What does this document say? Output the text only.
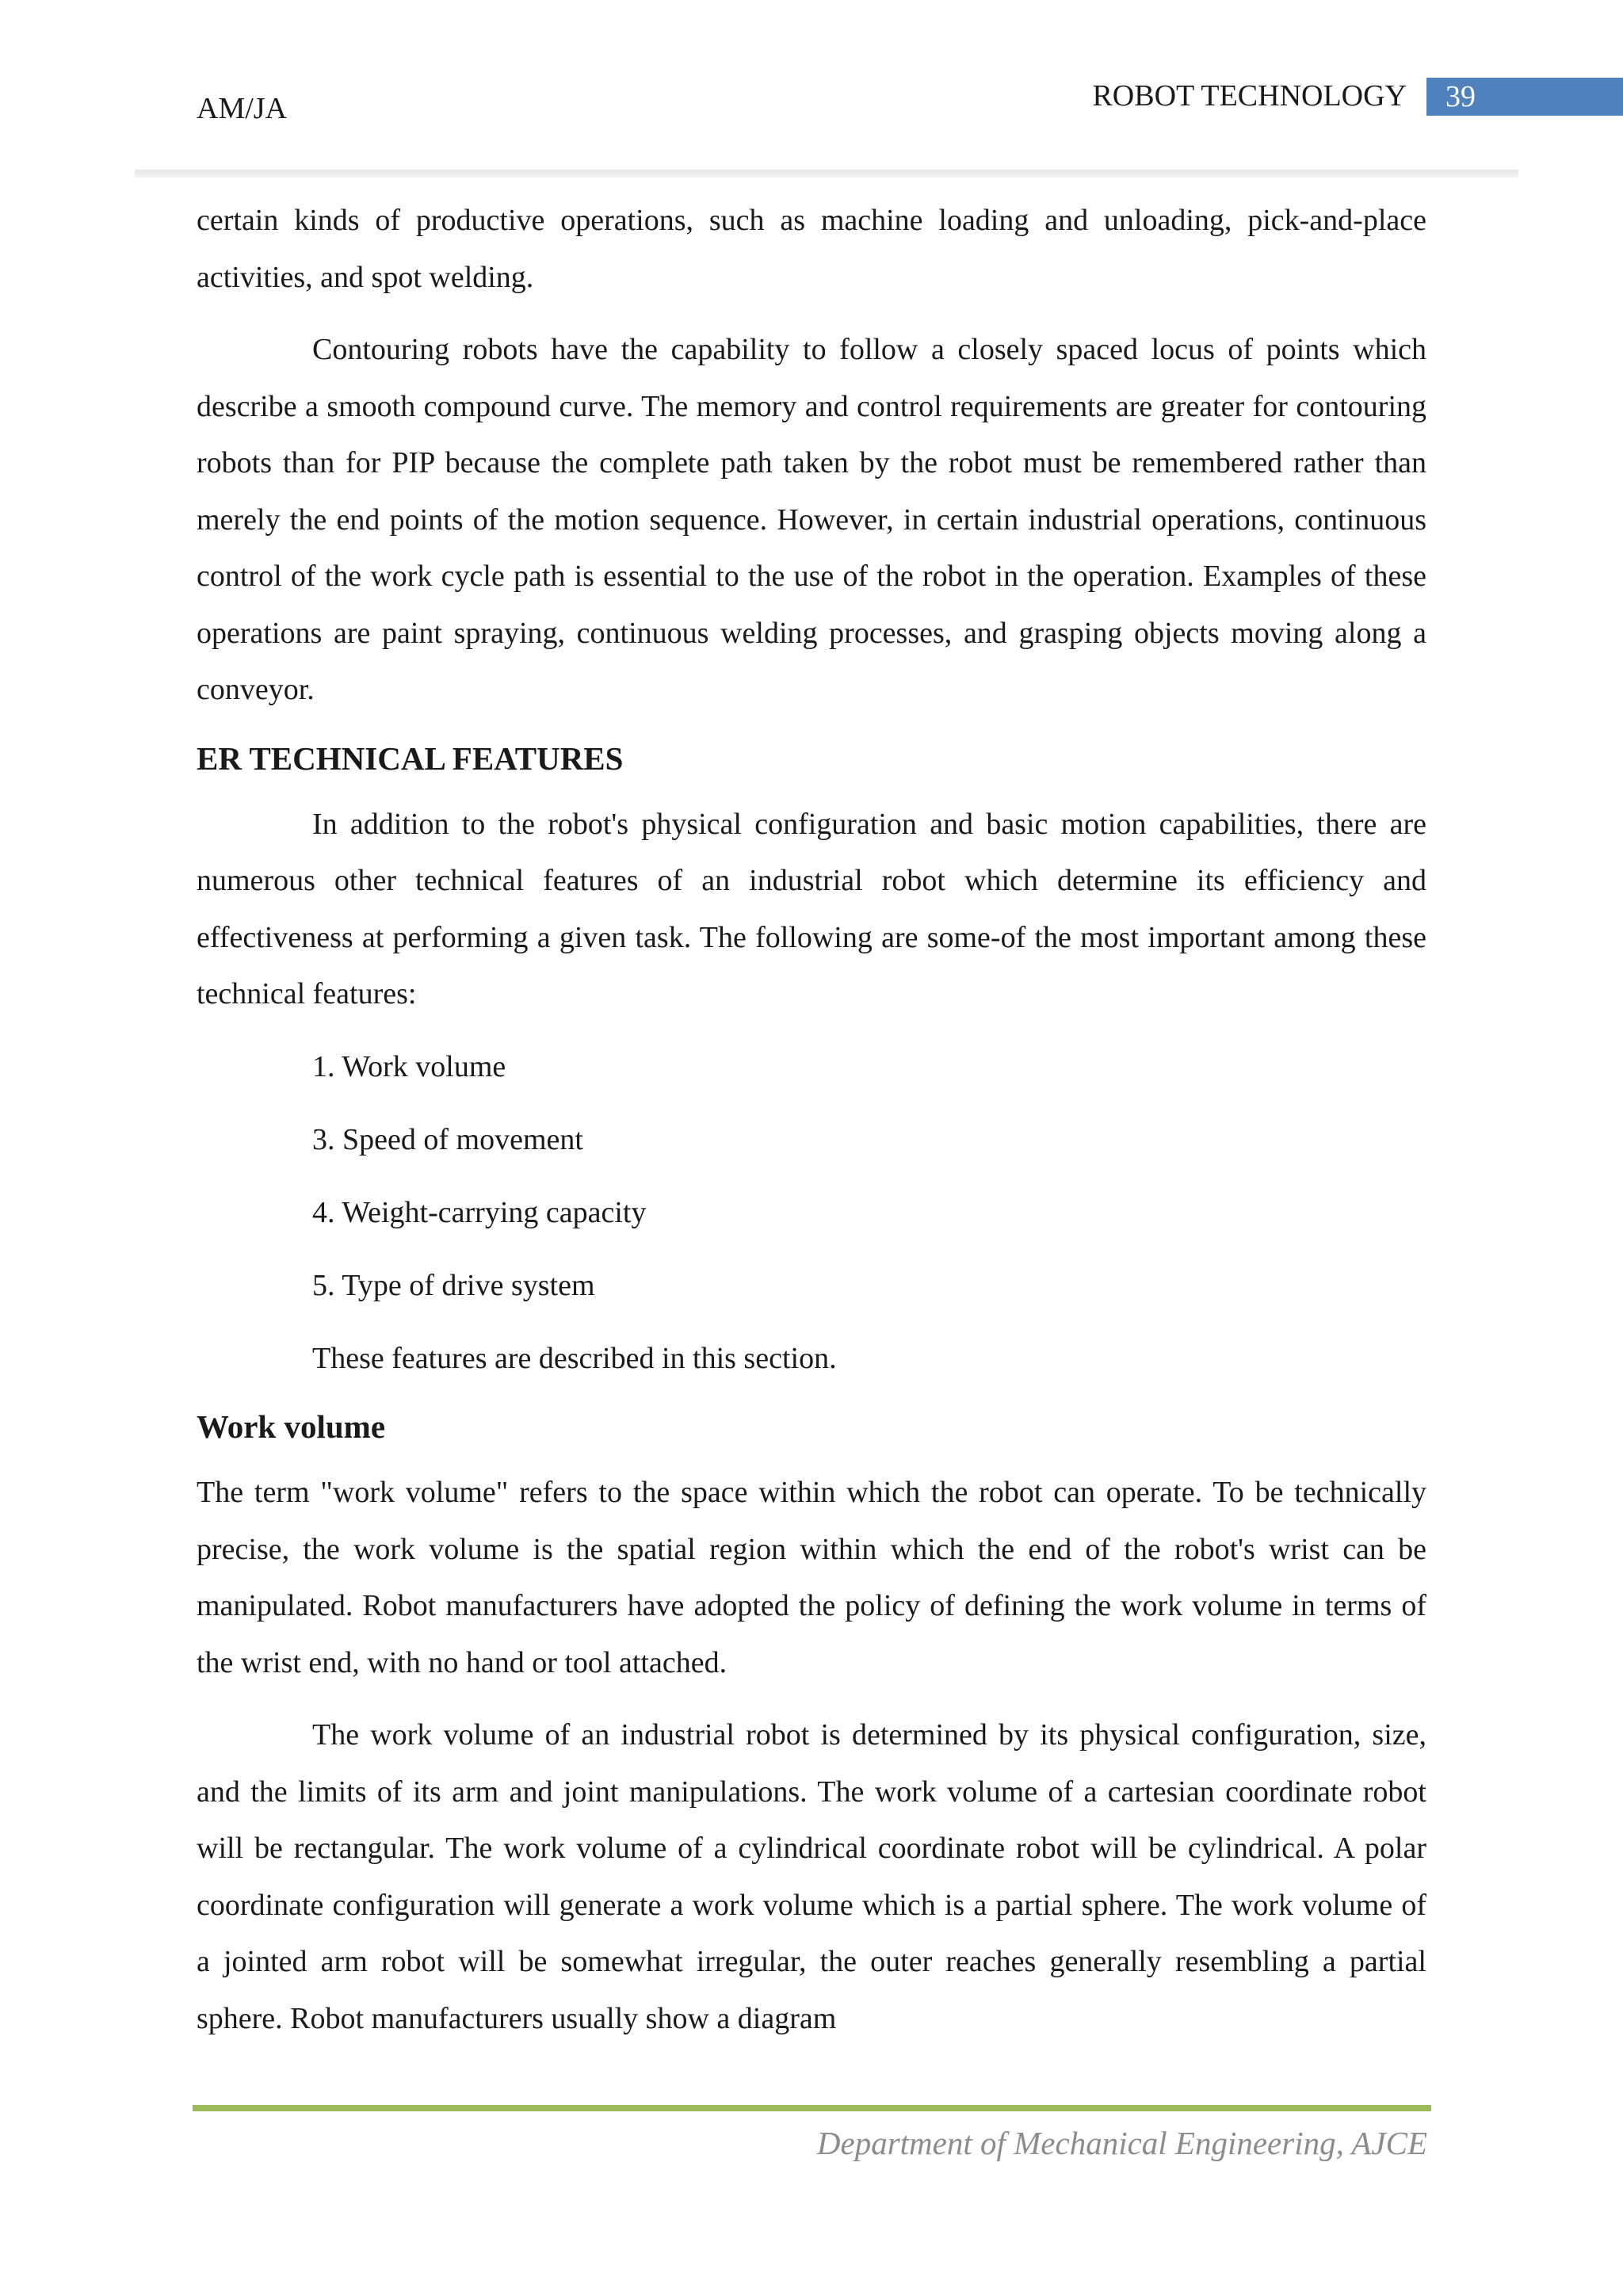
AM/JA	ROBOT TECHNOLOGY	39

certain kinds of productive operations, such as machine loading and unloading, pick-and-place activities, and spot welding.

Contouring robots have the capability to follow a closely spaced locus of points which describe a smooth compound curve. The memory and control requirements are greater for contouring robots than for PIP because the complete path taken by the robot must be remembered rather than merely the end points of the motion sequence. However, in certain industrial operations, continuous control of the work cycle path is essential to the use of the robot in the operation. Examples of these operations are paint spraying, continuous welding processes, and grasping objects moving along a conveyor.

ER TECHNICAL FEATURES

In addition to the robot's physical configuration and basic motion capabilities, there are numerous other technical features of an industrial robot which determine its efficiency and effectiveness at performing a given task. The following are some-of the most important among these technical features:

1. Work volume
3. Speed of movement
4. Weight-carrying capacity
5. Type of drive system

These features are described in this section.

Work volume

The term "work volume" refers to the space within which the robot can operate. To be technically precise, the work volume is the spatial region within which the end of the robot's wrist can be manipulated. Robot manufacturers have adopted the policy of defining the work volume in terms of the wrist end, with no hand or tool attached.

The work volume of an industrial robot is determined by its physical configuration, size, and the limits of its arm and joint manipulations. The work volume of a cartesian coordinate robot will be rectangular. The work volume of a cylindrical coordinate robot will be cylindrical. A polar coordinate configuration will generate a work volume which is a partial sphere. The work volume of a jointed arm robot will be somewhat irregular, the outer reaches generally resembling a partial sphere. Robot manufacturers usually show a diagram

Department of Mechanical Engineering, AJCE
